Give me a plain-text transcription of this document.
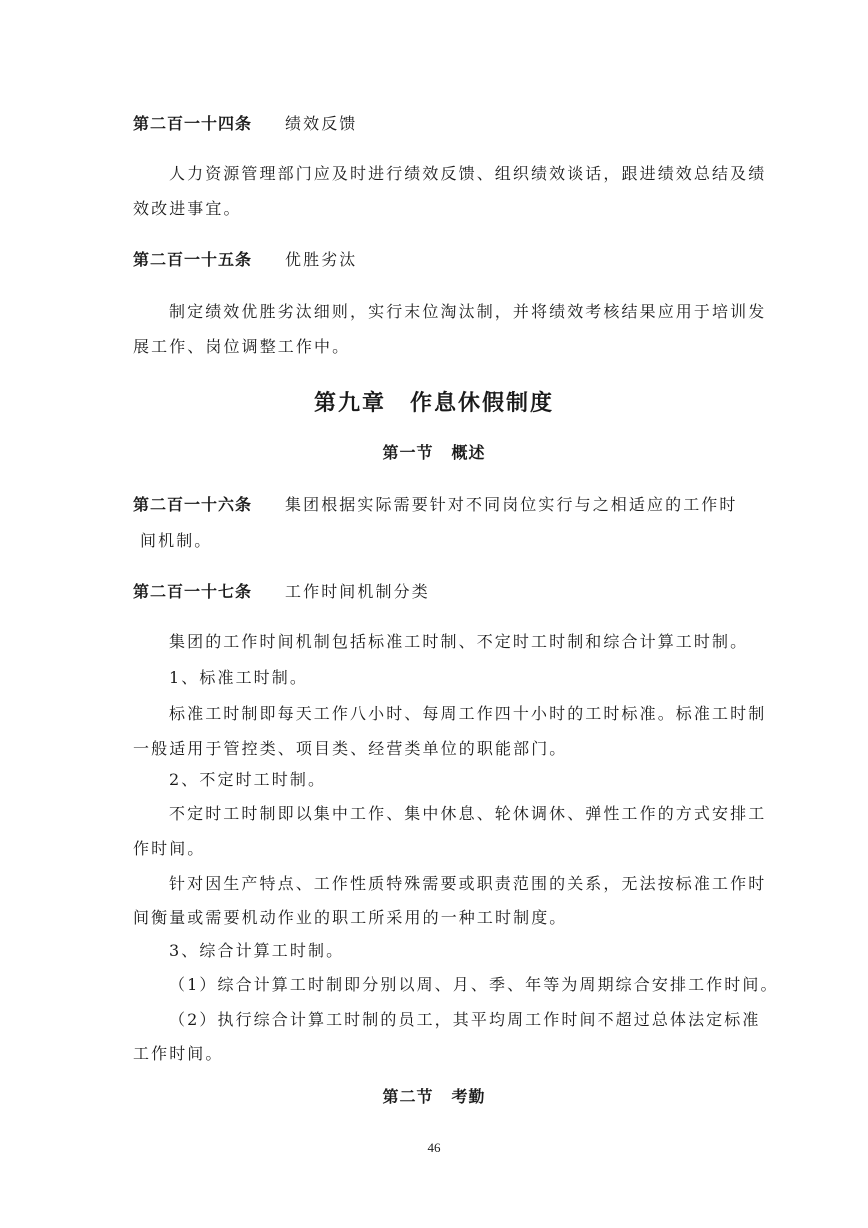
第二百一十四条 绩效反馈
人力资源管理部门应及时进行绩效反馈、组织绩效谈话，跟进绩效总结及绩
效改进事宜。
第二百一十五条 优胜劣汰
制定绩效优胜劣汰细则，实行末位淘汰制，并将绩效考核结果应用于培训发
展工作、岗位调整工作中。
第九章 作息休假制度
第一节 概述
第二百一十六条 集团根据实际需要针对不同岗位实行与之相适应的工作时
间机制。
第二百一十七条 工作时间机制分类
集团的工作时间机制包括标准工时制、不定时工时制和综合计算工时制。
1、标准工时制。
标准工时制即每天工作八小时、每周工作四十小时的工时标准。标准工时制
一般适用于管控类、项目类、经营类单位的职能部门。
2、不定时工时制。
不定时工时制即以集中工作、集中休息、轮休调休、弹性工作的方式安排工
作时间。
针对因生产特点、工作性质特殊需要或职责范围的关系，无法按标准工作时
间衡量或需要机动作业的职工所采用的一种工时制度。
3、综合计算工时制。
（1）综合计算工时制即分别以周、月、季、年等为周期综合安排工作时间。
（2）执行综合计算工时制的员工，其平均周工作时间不超过总体法定标准
工作时间。
第二节 考勤
46
